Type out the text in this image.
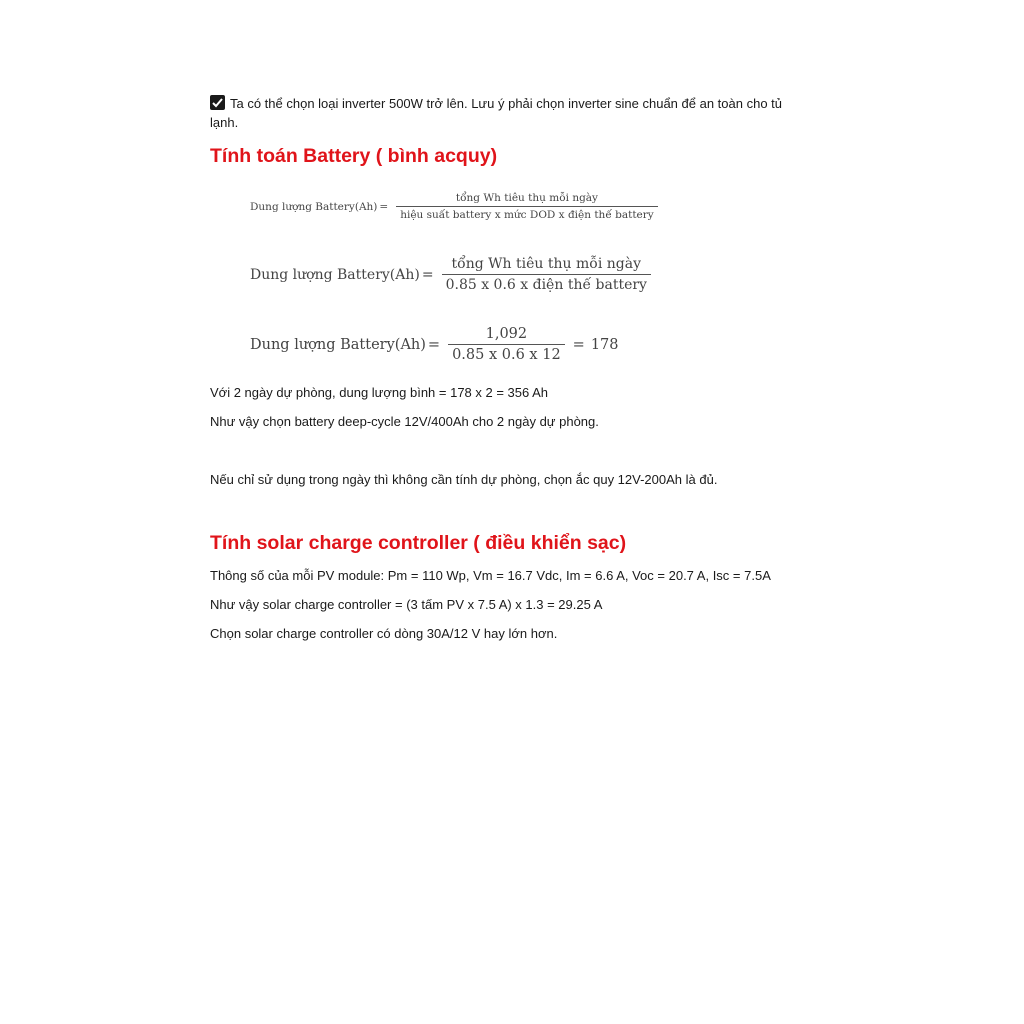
Ta có thể chọn loại inverter 500W trở lên. Lưu ý phải chọn inverter sine chuẩn để an toàn cho tủ lạnh.

Tính toán Battery ( bình acquy)
Dung lượng Battery(Ah) = $\frac{\text{tổng Wh tiêu thụ mỗi ngày}}{\text{hiệu suất battery x mức DOD x điện thế battery}}$
Dung lượng Battery(Ah) = $\frac{\text{tổng Wh tiêu thụ mỗi ngày}}{\text{0.85 x 0.6 x điện thế battery}}$
Dung lượng Battery(Ah) = $\frac{1,092}{0.85 x 0.6 x 12} = 178$

Với 2 ngày dự phòng, dung lượng bình = 178 x 2 = 356 Ah

Như vậy chọn battery deep-cycle 12V/400Ah cho 2 ngày dự phòng.

Nếu chỉ sử dụng trong ngày thì không cần tính dự phòng, chọn ắc quy 12V-200Ah là đủ.

Tính solar charge controller ( điều khiển sạc)

Thông số của mỗi PV module: Pm = 110 Wp, Vm = 16.7 Vdc, Im = 6.6 A, Voc = 20.7 A, Isc = 7.5A

Như vậy solar charge controller = (3 tấm PV x 7.5 A) x 1.3 = 29.25 A

Chọn solar charge controller có dòng 30A/12 V hay lớn hơn.
